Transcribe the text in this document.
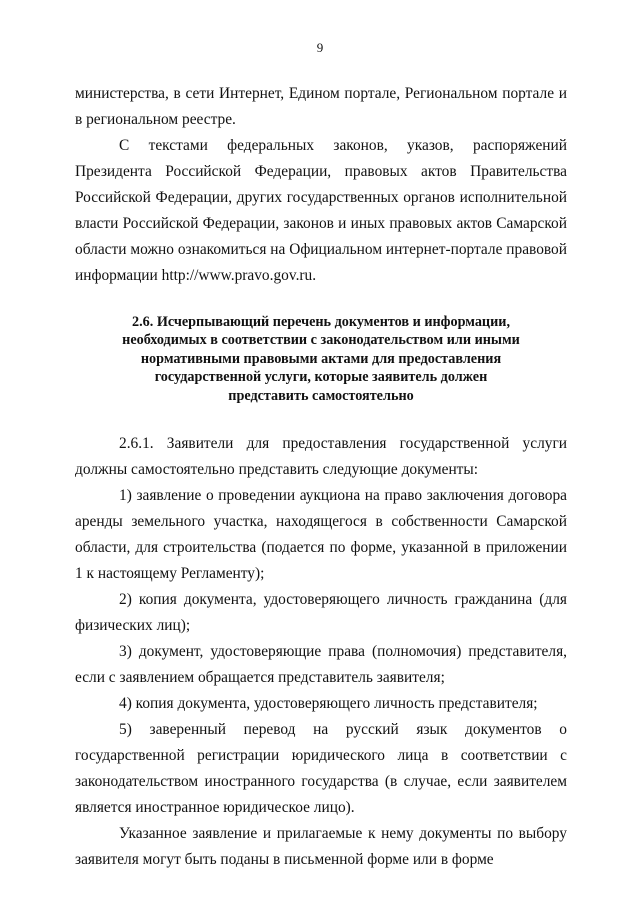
9

министерства, в сети Интернет, Едином портале, Региональном портале и в региональном реестре.

С текстами федеральных законов, указов, распоряжений Президента Российской Федерации, правовых актов Правительства Российской Федерации, других государственных органов исполнительной власти Российской Федерации, законов и иных правовых актов Самарской области можно ознакомиться на Официальном интернет-портале правовой информации http://www.pravo.gov.ru.

2.6. Исчерпывающий перечень документов и информации,
необходимых в соответствии с законодательством или иными
нормативными правовыми актами для предоставления
государственной услуги, которые заявитель должен
представить самостоятельно

2.6.1. Заявители для предоставления государственной услуги должны самостоятельно представить следующие документы:

1) заявление о проведении аукциона на право заключения договора аренды земельного участка, находящегося в собственности Самарской области, для строительства (подается по форме, указанной в приложении 1 к настоящему Регламенту);

2) копия документа, удостоверяющего личность гражданина (для физических лиц);

3) документ, удостоверяющие права (полномочия) представителя, если с заявлением обращается представитель заявителя;

4) копия документа, удостоверяющего личность представителя;

5) заверенный перевод на русский язык документов о государственной регистрации юридического лица в соответствии с законодательством иностранного государства (в случае, если заявителем является иностранное юридическое лицо).

Указанное заявление и прилагаемые к нему документы по выбору заявителя могут быть поданы в письменной форме или в форме
